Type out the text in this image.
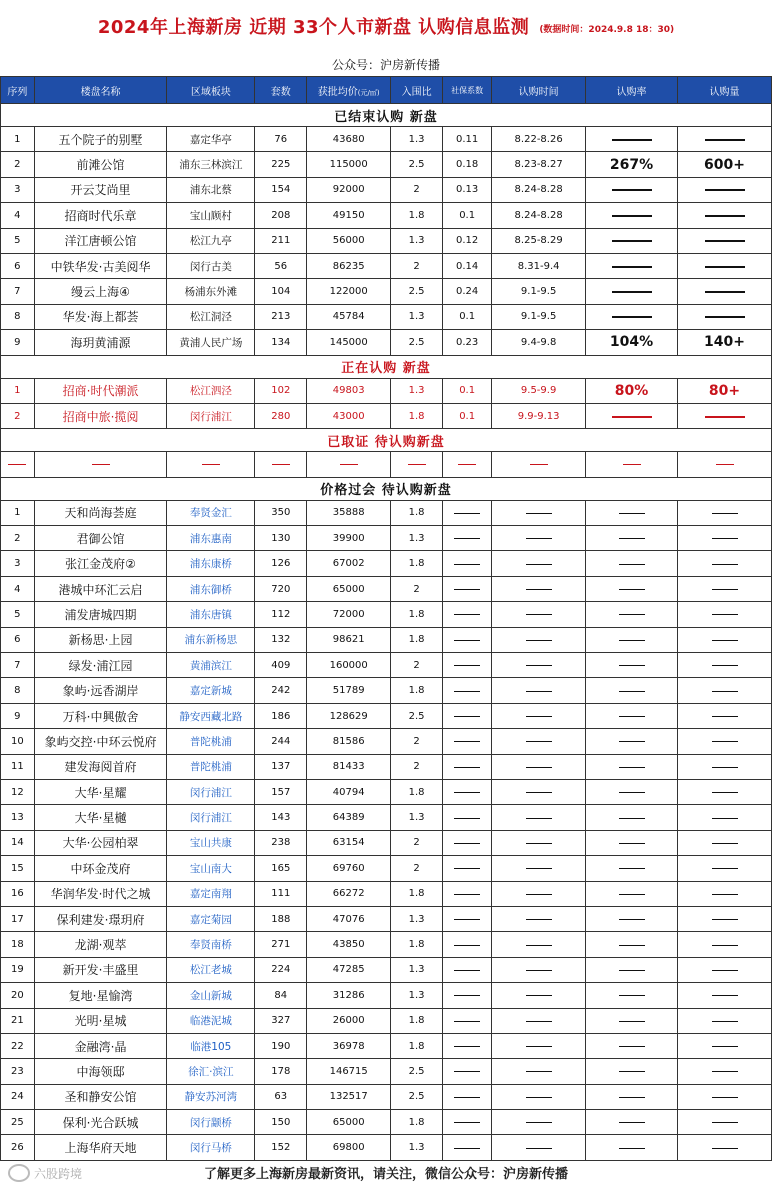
2024年上海新房 近期 33个人市新盘 认购信息监测 (数据时间：2024.9.8 18：30)
公众号：沪房新传播
序列	楼盘名称	区域板块	套数	获批均价(元/㎡)	入围比	社保系数	认购时间	认购率	认购量
已结束认购 新盘									
1	五个院子的别墅	嘉定华亭	76	43680	1.3	0.11	8.22-8.26		
2	前滩公馆	浦东三林滨江	225	115000	2.5	0.18	8.23-8.27	267%	600+
3	开云艾尚里	浦东北蔡	154	92000	2	0.13	8.24-8.28		
4	招商时代乐章	宝山顾村	208	49150	1.8	0.1	8.24-8.28		
5	洋江唐顿公馆	松江九亭	211	56000	1.3	0.12	8.25-8.29		
6	中铁华发·古美阅华	闵行古美	56	86235	2	0.14	8.31-9.4		
7	缦云上海④	杨浦东外滩	104	122000	2.5	0.24	9.1-9.5		
8	华发·海上都荟	松江洞泾	213	45784	1.3	0.1	9.1-9.5		
9	海玥黄浦源	黄浦人民广场	134	145000	2.5	0.23	9.4-9.8	104%	140+
正在认购 新盘									
1	招商·时代潮派	松江泗泾	102	49803	1.3	0.1	9.5-9.9	80%	80+
2	招商中旅·揽阅	闵行浦江	280	43000	1.8	0.1	9.9-9.13		
已取证 待认购新盘									

价格过会 待认购新盘									
1	天和尚海荟庭	奉贤金汇	350	35888	1.8				
2	君御公馆	浦东惠南	130	39900	1.3				
3	张江金茂府②	浦东康桥	126	67002	1.8				
4	港城中环汇云启	浦东御桥	720	65000	2				
5	浦发唐城四期	浦东唐镇	112	72000	1.8				
6	新杨思·上园	浦东新杨思	132	98621	1.8				
7	绿发·浦江园	黄浦滨江	409	160000	2				
8	象屿·远香湖岸	嘉定新城	242	51789	1.8				
9	万科·中興傲舍	静安西藏北路	186	128629	2.5				
10	象屿交控·中环云悦府	普陀桃浦	244	81586	2				
11	建发海阅首府	普陀桃浦	137	81433	2				
12	大华·星耀	闵行浦江	157	40794	1.8				
13	大华·星樾	闵行浦江	143	64389	1.3				
14	大华·公园柏翠	宝山共康	238	63154	2				
15	中环金茂府	宝山南大	165	69760	2				
16	华润华发·时代之城	嘉定南翔	111	66272	1.8				
17	保利建发·璟玥府	嘉定菊园	188	47076	1.3				
18	龙湖·观萃	奉贤南桥	271	43850	1.8				
19	新开发·丰盛里	松江老城	224	47285	1.3				
20	复地·星愉湾	金山新城	84	31286	1.3				
21	光明·星城	临港泥城	327	26000	1.8				
22	金融湾·晶	临港105	190	36978	1.8				
23	中海领邸	徐汇·滨江	178	146715	2.5				
24	圣和静安公馆	静安苏河湾	63	132517	2.5				
25	保利·光合跃城	闵行颛桥	150	65000	1.8				
26	上海华府天地	闵行马桥	152	69800	1.3				
六股跨境	了解更多上海新房最新资讯，请关注，微信公众号：沪房新传播
